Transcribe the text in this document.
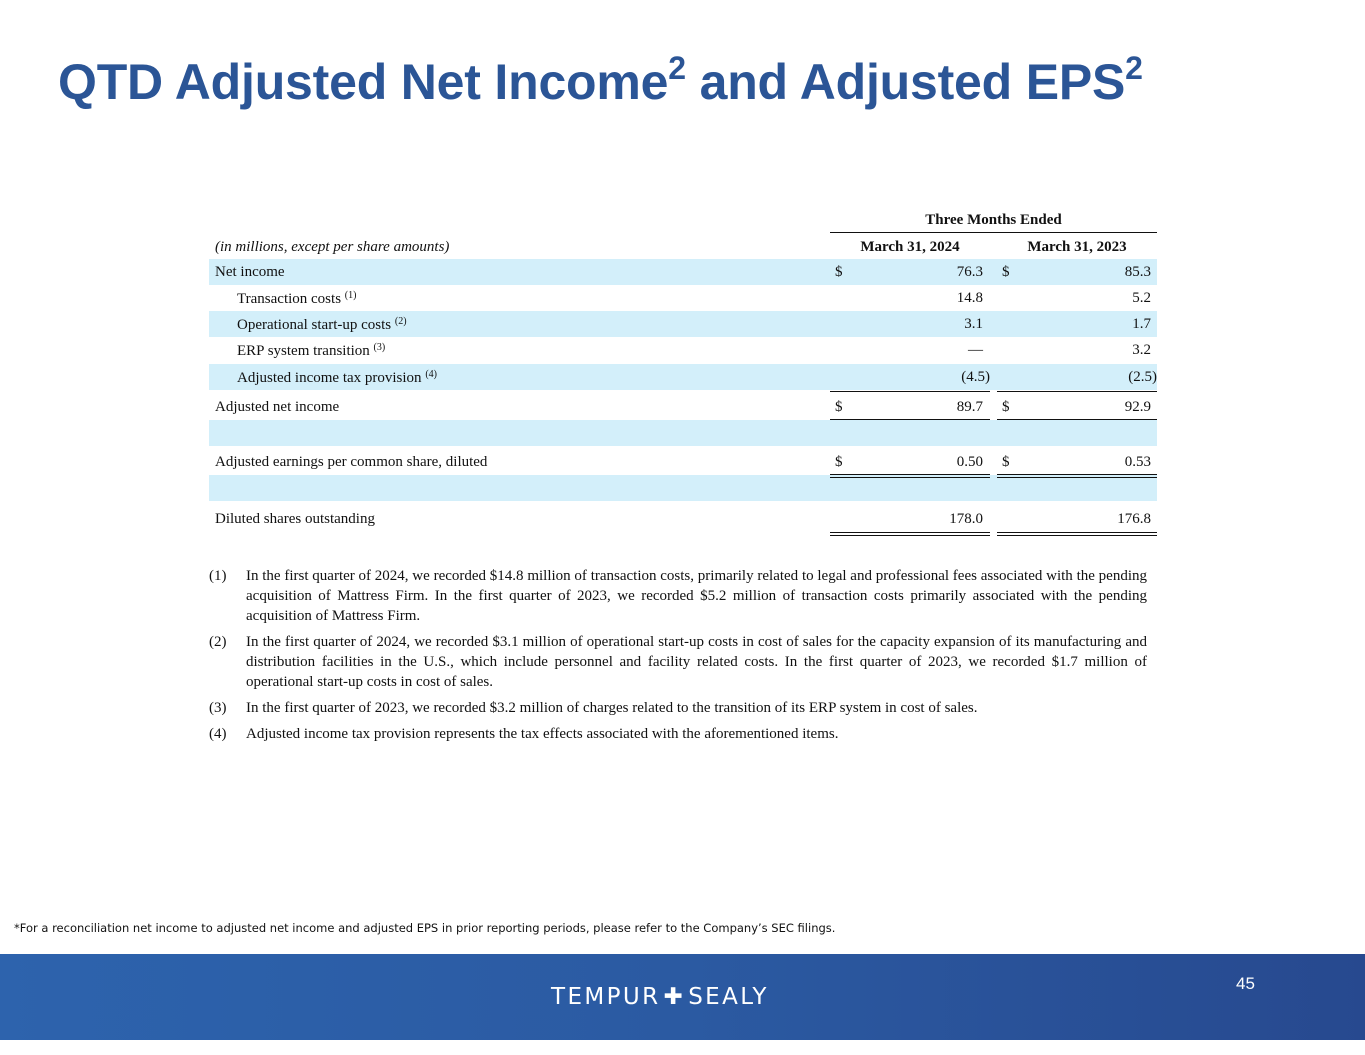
QTD Adjusted Net Income$^2$ and Adjusted EPS$^2$
Three Months Ended
(in millions, except per share amounts)	March 31, 2024	March 31, 2023
Net income	$	76.3 $	85.3
Transaction costs $^{(1)}$	14.8	5.2
Operational start-up costs $^{(2)}$	3.1	1.7
ERP system transition $^{(3)}$	—	3.2
Adjusted income tax provision $^{(4)}$	(4.5)	(2.5)
Adjusted net income	$	89.7 $	92.9
Adjusted earnings per common share, diluted	$	0.50 $	0.53
Diluted shares outstanding	178.0	176.8
(1) In the first quarter of 2024, we recorded $14.8 million of transaction costs, primarily related to legal and professional fees associated with the pending acquisition of Mattress Firm. In the first quarter of 2023, we recorded $5.2 million of transaction costs primarily associated with the pending acquisition of Mattress Firm.
(2) In the first quarter of 2024, we recorded $3.1 million of operational start-up costs in cost of sales for the capacity expansion of its manufacturing and distribution facilities in the U.S., which include personnel and facility related costs. In the first quarter of 2023, we recorded $1.7 million of operational start-up costs in cost of sales.
(3) In the first quarter of 2023, we recorded $3.2 million of charges related to the transition of its ERP system in cost of sales.
(4) Adjusted income tax provision represents the tax effects associated with the aforementioned items.
*For a reconciliation net income to adjusted net income and adjusted EPS in prior reporting periods, please refer to the Company’s SEC filings.
TEMPUR ✚ SEALY
45
